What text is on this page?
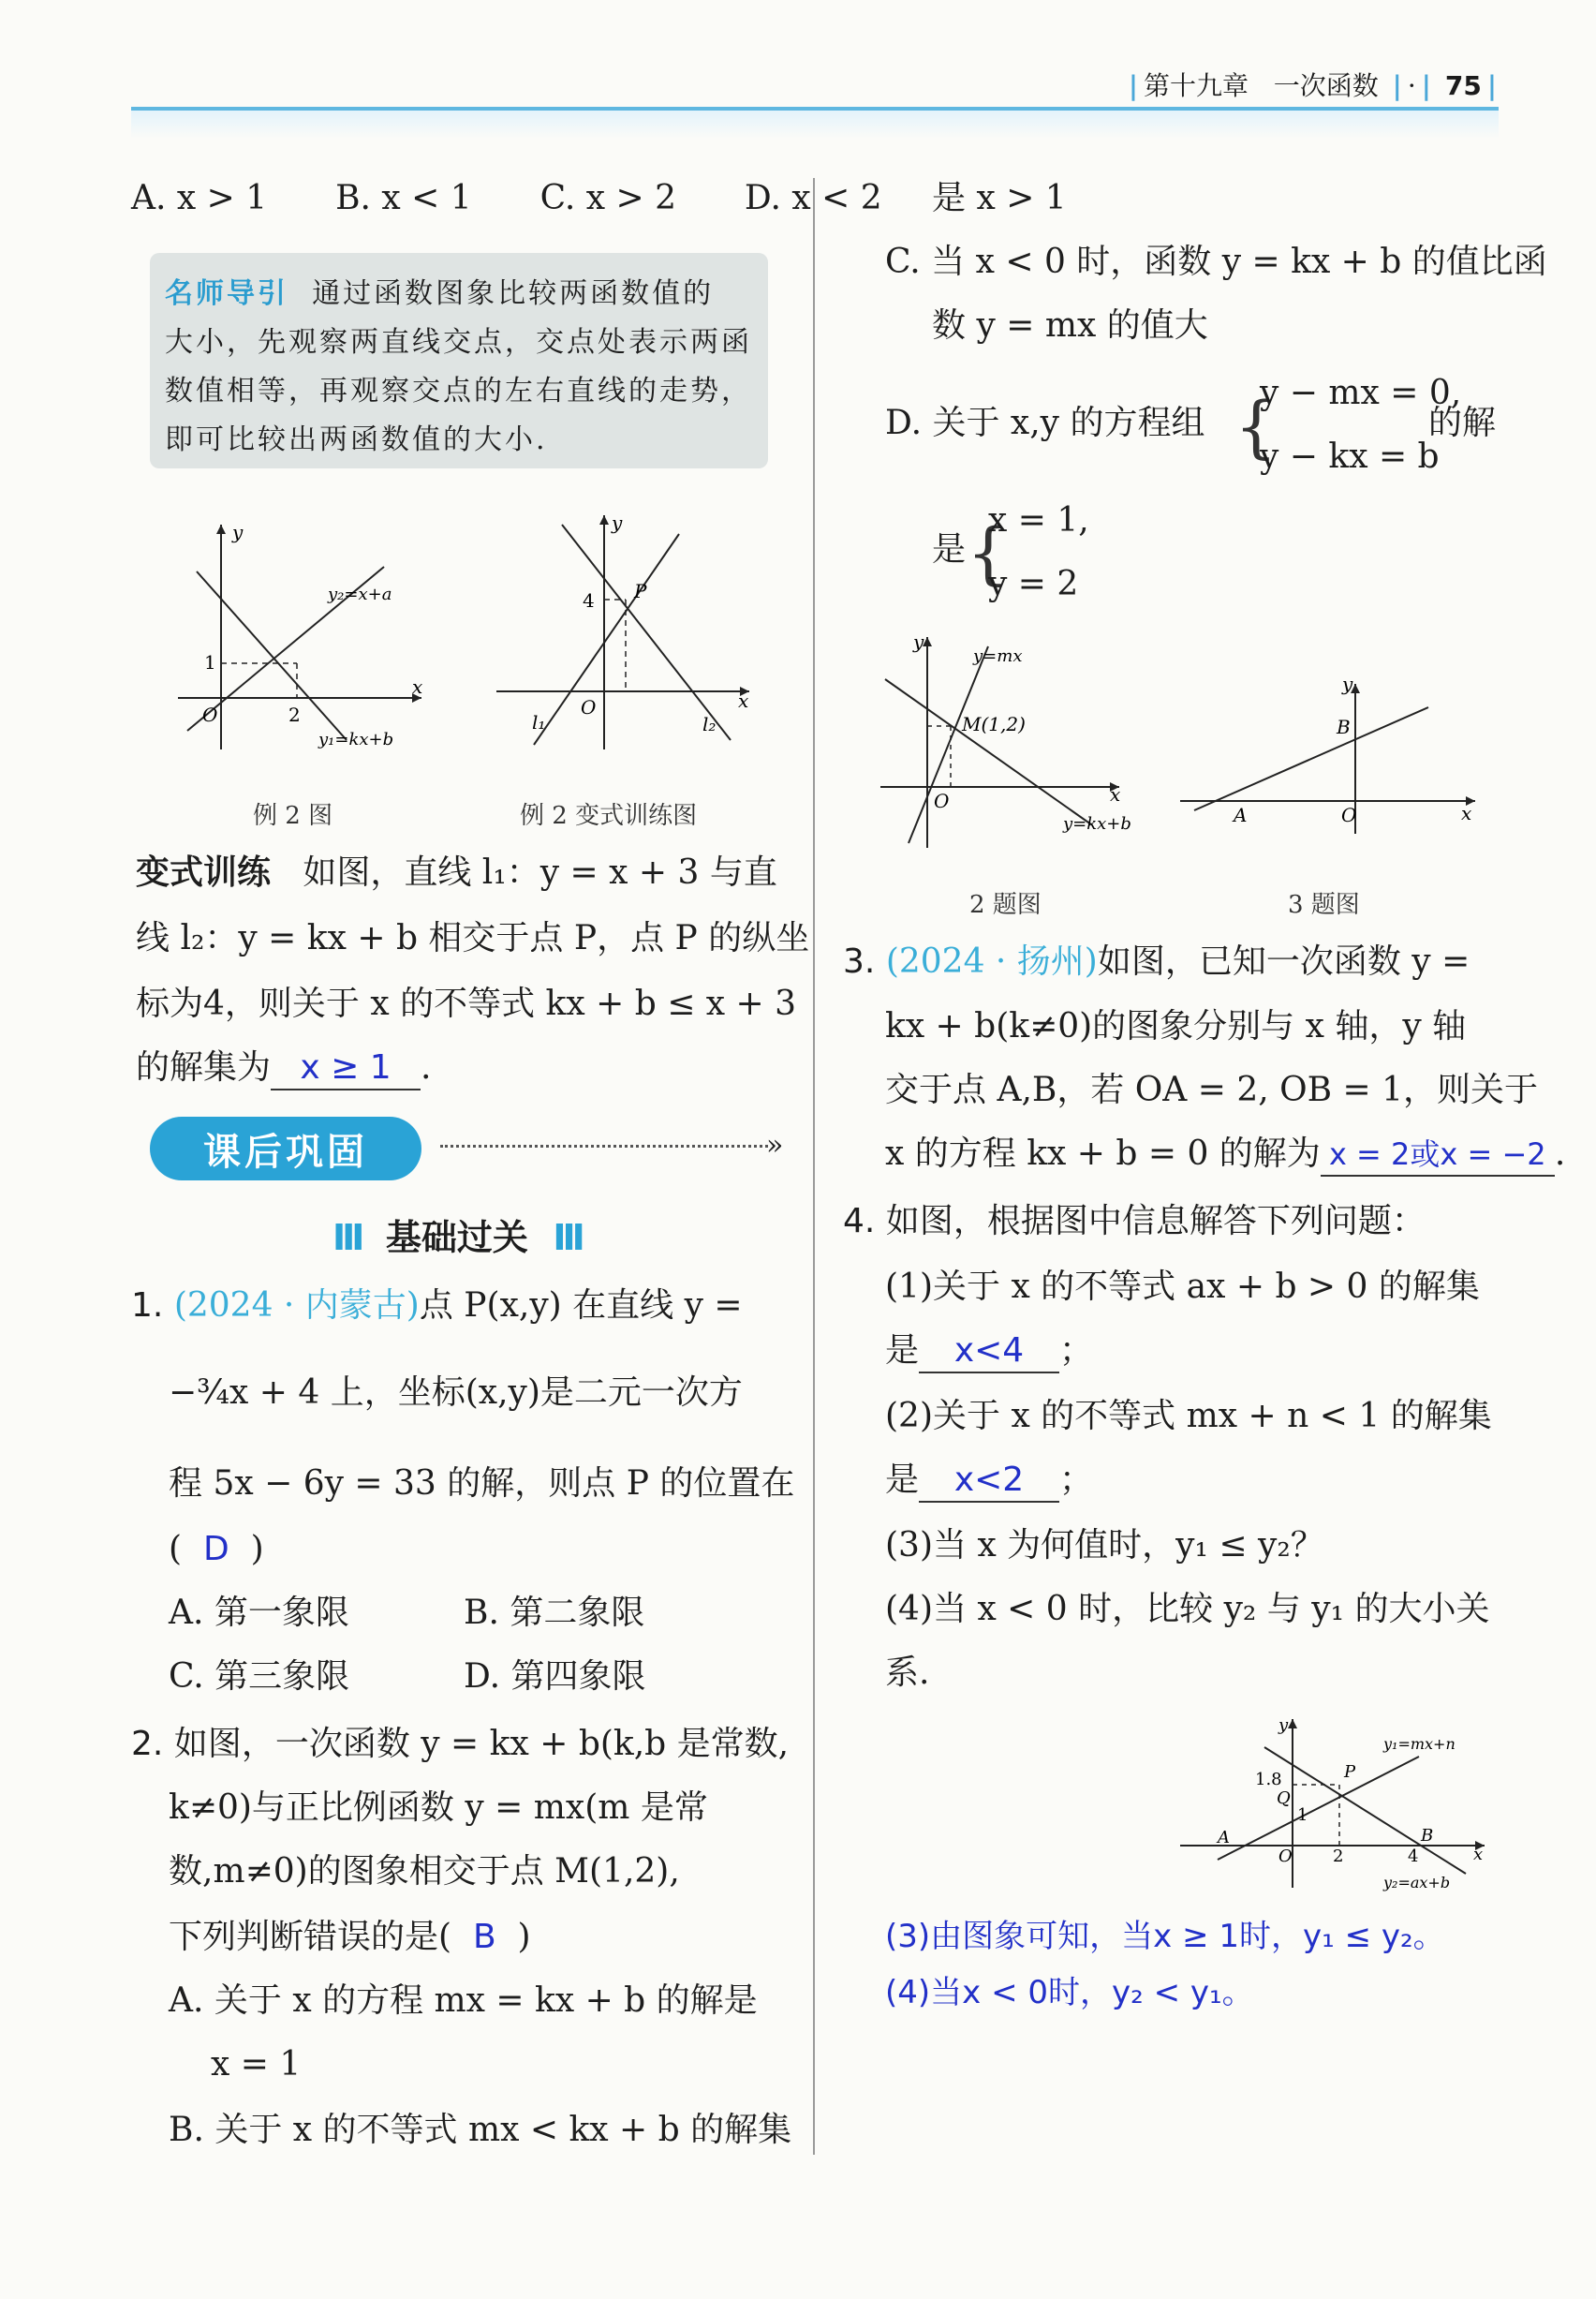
| 第十九章 一次函数 | · | 75 |
A. x > 1 B. x < 1 C. x > 2 D. x < 2
名师导引 通过函数图象比较两函数值的
大小，先观察两直线交点，交点处表示两函
数值相等，再观察交点的左右直线的走势，
即可比较出两函数值的大小.
y
x
O
1
2
y₂=x+a
y₁=kx+b
例 2 图
y
x
O
4 P
l₁	l₂
例 2 变式训练图
变式训练 如图，直线 l₁：y = x + 3 与直
线 l₂：y = kx + b 相交于点 P，点 P 的纵坐
标为4，则关于 x 的不等式 kx + b ≤ x + 3
的解集为 x ≥ 1 .
课后巩固	»
III 基础过关 III
1. (2024 · 内蒙古)点 P(x,y) 在直线 y =
−¾x + 4 上，坐标(x,y)是二元一次方
程 5x − 6y = 33 的解，则点 P 的位置在
( D )
A. 第一象限	B. 第二象限
C. 第三象限	D. 第四象限
2. 如图，一次函数 y = kx + b(k,b 是常数,
k≠0)与正比例函数 y = mx(m 是常
数,m≠0)的图象相交于点 M(1,2),
下列判断错误的是( B )
A. 关于 x 的方程 mx = kx + b 的解是
x = 1
B. 关于 x 的不等式 mx < kx + b 的解集
是 x > 1
C. 当 x < 0 时，函数 y = kx + b 的值比函
数 y = mx 的值大
D. 关于 x,y 的方程组 {
y − mx = 0,
y − kx = b
的解
是 {
x = 1,
y = 2
y
x
O
y=mx
M(1,2)
y=kx+b
2 题图
y
x
O
A
B
3 题图
3. (2024 · 扬州)如图，已知一次函数 y =
kx + b(k≠0)的图象分别与 x 轴，y 轴
交于点 A,B，若 OA = 2, OB = 1，则关于
x 的方程 kx + b = 0 的解为 x = 2或x = −2 .
4. 如图，根据图中信息解答下列问题：
(1)关于 x 的不等式 ax + b > 0 的解集
是 x<4 ；
(2)关于 x 的不等式 mx + n < 1 的解集
是 x<2 ；
(3)当 x 为何值时，y₁ ≤ y₂？
(4)当 x < 0 时，比较 y₂ 与 y₁ 的大小关
系.
y
x
O
1.8
1
2	4
Q
P
A	B
y₁=mx+n
y₂=ax+b
(3)由图象可知，当x ≥ 1时，y₁ ≤ y₂。
(4)当x < 0时，y₂ < y₁。
